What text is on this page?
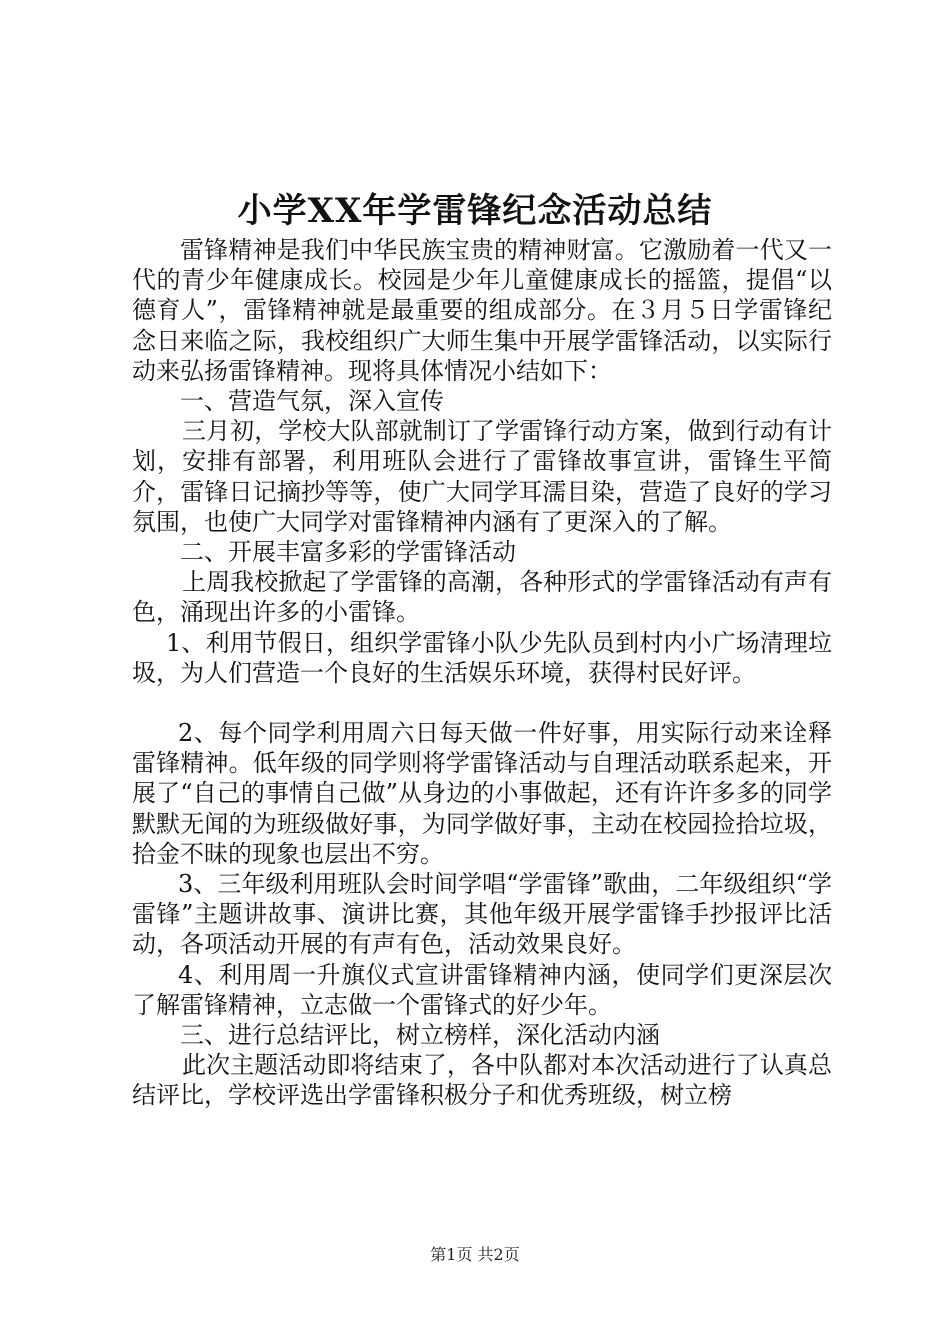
小学XX年学雷锋纪念活动总结

雷锋精神是我们中华民族宝贵的精神财富。它激励着一代又一代的青少年健康成长。校园是少年儿童健康成长的摇篮，提倡“以德育人”，雷锋精神就是最重要的组成部分。在３月５日学雷锋纪念日来临之际，我校组织广大师生集中开展学雷锋活动，以实际行动来弘扬雷锋精神。现将具体情况小结如下：

一、营造气氛，深入宣传

三月初，学校大队部就制订了学雷锋行动方案，做到行动有计划，安排有部署，利用班队会进行了雷锋故事宣讲，雷锋生平简介，雷锋日记摘抄等等，使广大同学耳濡目染，营造了良好的学习氛围，也使广大同学对雷锋精神内涵有了更深入的了解。

二、开展丰富多彩的学雷锋活动

上周我校掀起了学雷锋的高潮，各种形式的学雷锋活动有声有色，涌现出许多的小雷锋。

1、利用节假日，组织学雷锋小队少先队员到村内小广场清理垃圾，为人们营造一个良好的生活娱乐环境，获得村民好评。

2、每个同学利用周六日每天做一件好事，用实际行动来诠释雷锋精神。低年级的同学则将学雷锋活动与自理活动联系起来，开展了“自己的事情自己做”从身边的小事做起，还有许许多多的同学默默无闻的为班级做好事，为同学做好事，主动在校园捡拾垃圾，拾金不昧的现象也层出不穷。

3、三年级利用班队会时间学唱“学雷锋”歌曲，二年级组织“学雷锋”主题讲故事、演讲比赛，其他年级开展学雷锋手抄报评比活动，各项活动开展的有声有色，活动效果良好。

4、利用周一升旗仪式宣讲雷锋精神内涵，使同学们更深层次了解雷锋精神，立志做一个雷锋式的好少年。

三、进行总结评比，树立榜样，深化活动内涵

此次主题活动即将结束了，各中队都对本次活动进行了认真总结评比，学校评选出学雷锋积极分子和优秀班级，树立榜

第1页 共2页
